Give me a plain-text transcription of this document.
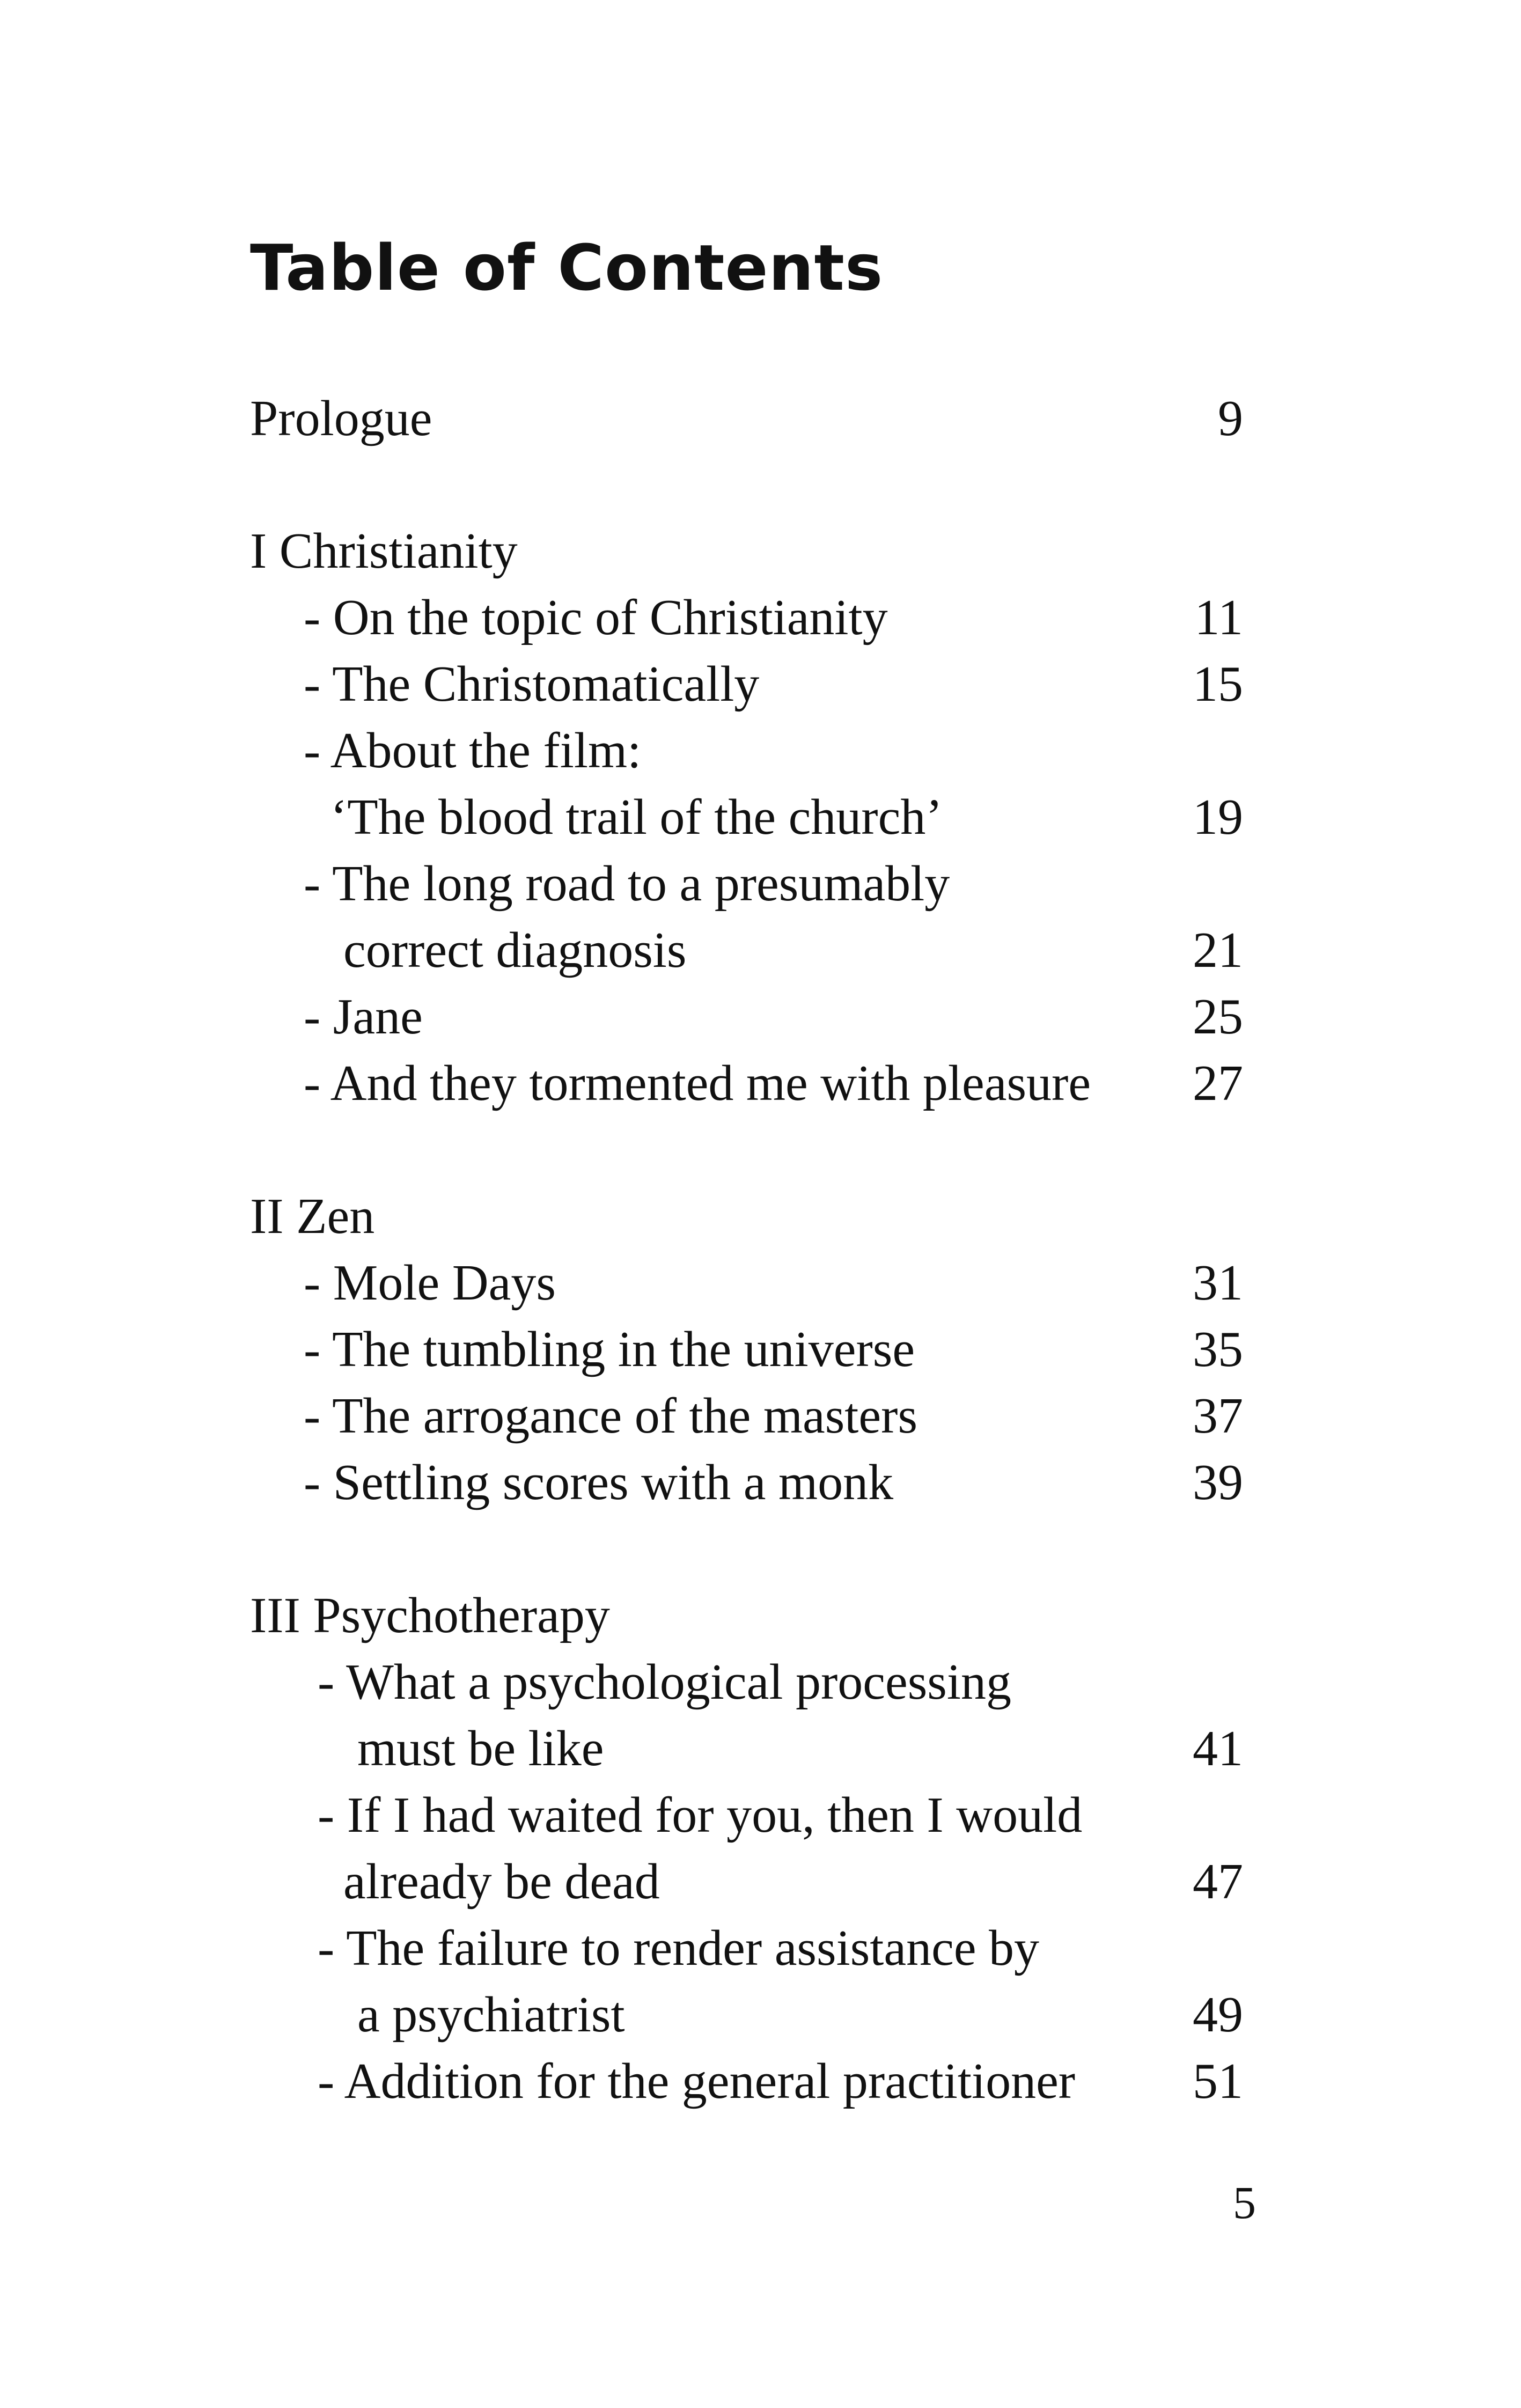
Table of Contents
Prologue	9
I Christianity
- On the topic of Christianity	11
- The Christomatically	15
- About the film:
‘The blood trail of the church’	19
- The long road to a presumably
correct diagnosis	21
- Jane	25
- And they tormented me with pleasure	27
II Zen
- Mole Days	31
- The tumbling in the universe	35
- The arrogance of the masters	37
- Settling scores with a monk	39
III Psychotherapy
- What a psychological processing
must be like	41
- If I had waited for you, then I would
already be dead	47
- The failure to render assistance by
a psychiatrist	49
- Addition for the general practitioner	51
5
